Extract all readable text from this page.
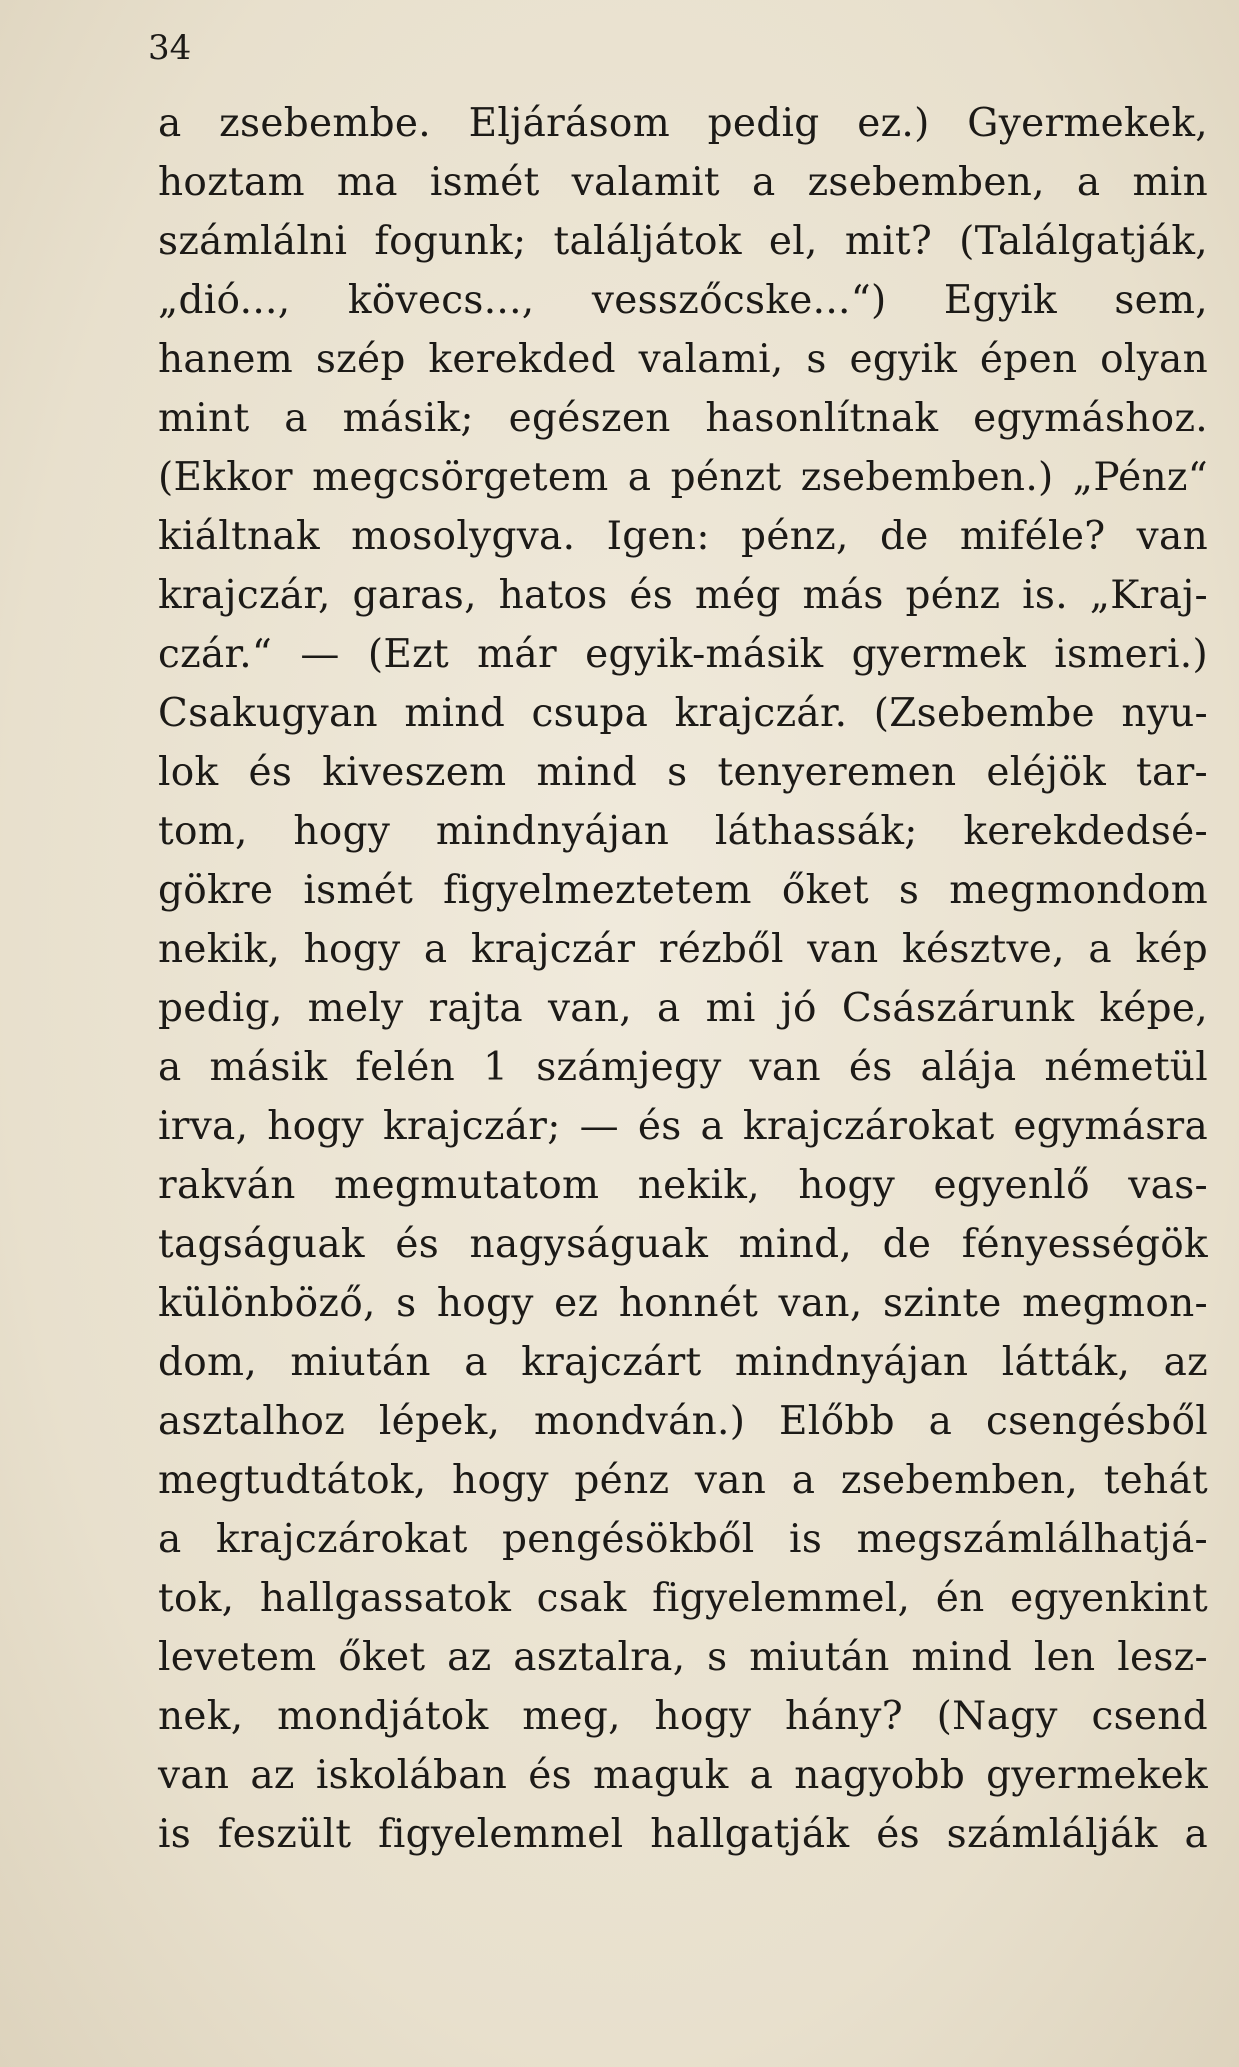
34
a zsebembe. Eljárásom pedig ez.) Gyermekek,
hoztam ma ismét valamit a zsebemben, a min
számlálni fogunk; találjátok el, mit? (Találgatják,
„dió..., kövecs..., vesszőcske...“) Egyik sem,
hanem szép kerekded valami, s egyik épen olyan
mint a másik; egészen hasonlítnak egymáshoz.
(Ekkor megcsörgetem a pénzt zsebemben.) „Pénz“
kiáltnak mosolygva. Igen: pénz, de miféle? van
krajczár, garas, hatos és még más pénz is. „Kraj-
czár.“ — (Ezt már egyik-másik gyermek ismeri.)
Csakugyan mind csupa krajczár. (Zsebembe nyu-
lok és kiveszem mind s tenyeremen eléjök tar-
tom, hogy mindnyájan láthassák; kerekdedsé-
gökre ismét figyelmeztetem őket s megmondom
nekik, hogy a krajczár rézből van késztve, a kép
pedig, mely rajta van, a mi jó Császárunk képe,
a másik felén 1 számjegy van és alája németül
irva, hogy krajczár; — és a krajczárokat egymásra
rakván megmutatom nekik, hogy egyenlő vas-
tagságuak és nagyságuak mind, de fényességök
különböző, s hogy ez honnét van, szinte megmon-
dom, miután a krajczárt mindnyájan látták, az
asztalhoz lépek, mondván.) Előbb a csengésből
megtudtátok, hogy pénz van a zsebemben, tehát
a krajczárokat pengésökből is megszámlálhatjá-
tok, hallgassatok csak figyelemmel, én egyenkint
levetem őket az asztalra, s miután mind len lesz-
nek, mondjátok meg, hogy hány? (Nagy csend
van az iskolában és maguk a nagyobb gyermekek
is feszült figyelemmel hallgatják és számlálják a
